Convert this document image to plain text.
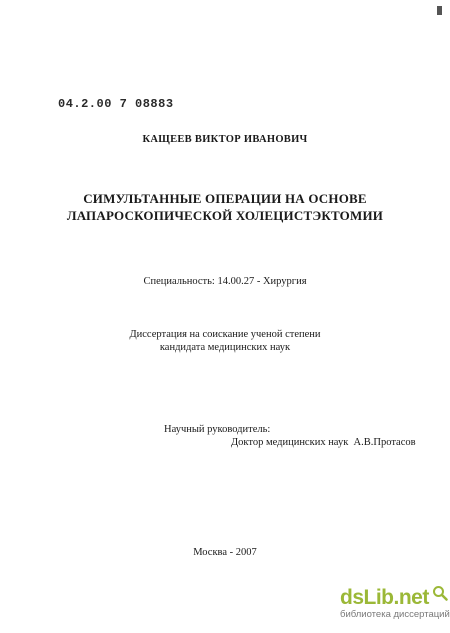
04.2.00 7 08883
КАЩЕЕВ ВИКТОР ИВАНОВИЧ
СИМУЛЬТАННЫЕ ОПЕРАЦИИ НА ОСНОВЕ
ЛАПАРОСКОПИЧЕСКОЙ ХОЛЕЦИСТЭКТОМИИ
Специальность: 14.00.27 - Хирургия
Диссертация на соискание ученой степени
кандидата медицинских наук
Научный руководитель:
Доктор медицинских наук  А.В.Протасов
Москва - 2007
dsLib.net
библиотека диссертаций
